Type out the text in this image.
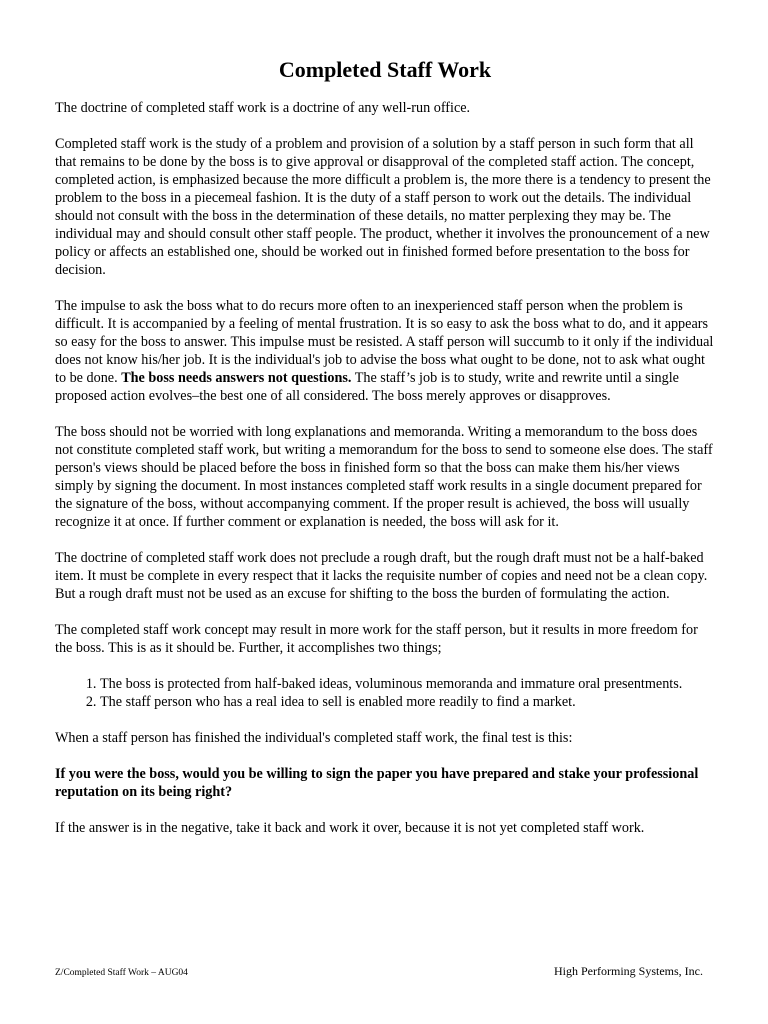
Completed Staff Work

The doctrine of completed staff work is a doctrine of any well-run office.

Completed staff work is the study of a problem and provision of a solution by a staff person in such form that all that remains to be done by the boss is to give approval or disapproval of the completed staff action. The concept, completed action, is emphasized because the more difficult a problem is, the more there is a tendency to present the problem to the boss in a piecemeal fashion. It is the duty of a staff person to work out the details. The individual should not consult with the boss in the determination of these details, no matter perplexing they may be. The individual may and should consult other staff people. The product, whether it involves the pronouncement of a new policy or affects an established one, should be worked out in finished formed before presentation to the boss for decision.

The impulse to ask the boss what to do recurs more often to an inexperienced staff person when the problem is difficult. It is accompanied by a feeling of mental frustration. It is so easy to ask the boss what to do, and it appears so easy for the boss to answer. This impulse must be resisted. A staff person will succumb to it only if the individual does not know his/her job. It is the individual's job to advise the boss what ought to be done, not to ask what ought to be done. The boss needs answers not questions. The staff’s job is to study, write and rewrite until a single proposed action evolves–the best one of all considered. The boss merely approves or disapproves.

The boss should not be worried with long explanations and memoranda. Writing a memorandum to the boss does not constitute completed staff work, but writing a memorandum for the boss to send to someone else does. The staff person's views should be placed before the boss in finished form so that the boss can make them his/her views simply by signing the document. In most instances completed staff work results in a single document prepared for the signature of the boss, without accompanying comment. If the proper result is achieved, the boss will usually recognize it at once. If further comment or explanation is needed, the boss will ask for it.

The doctrine of completed staff work does not preclude a rough draft, but the rough draft must not be a half-baked item. It must be complete in every respect that it lacks the requisite number of copies and need not be a clean copy. But a rough draft must not be used as an excuse for shifting to the boss the burden of formulating the action.

The completed staff work concept may result in more work for the staff person, but it results in more freedom for the boss. This is as it should be. Further, it accomplishes two things;

1. The boss is protected from half-baked ideas, voluminous memoranda and immature oral presentments.
2. The staff person who has a real idea to sell is enabled more readily to find a market.

When a staff person has finished the individual's completed staff work, the final test is this:

If you were the boss, would you be willing to sign the paper you have prepared and stake your professional reputation on its being right?

If the answer is in the negative, take it back and work it over, because it is not yet completed staff work.

Z/Completed Staff Work – AUG04	High Performing Systems, Inc.
